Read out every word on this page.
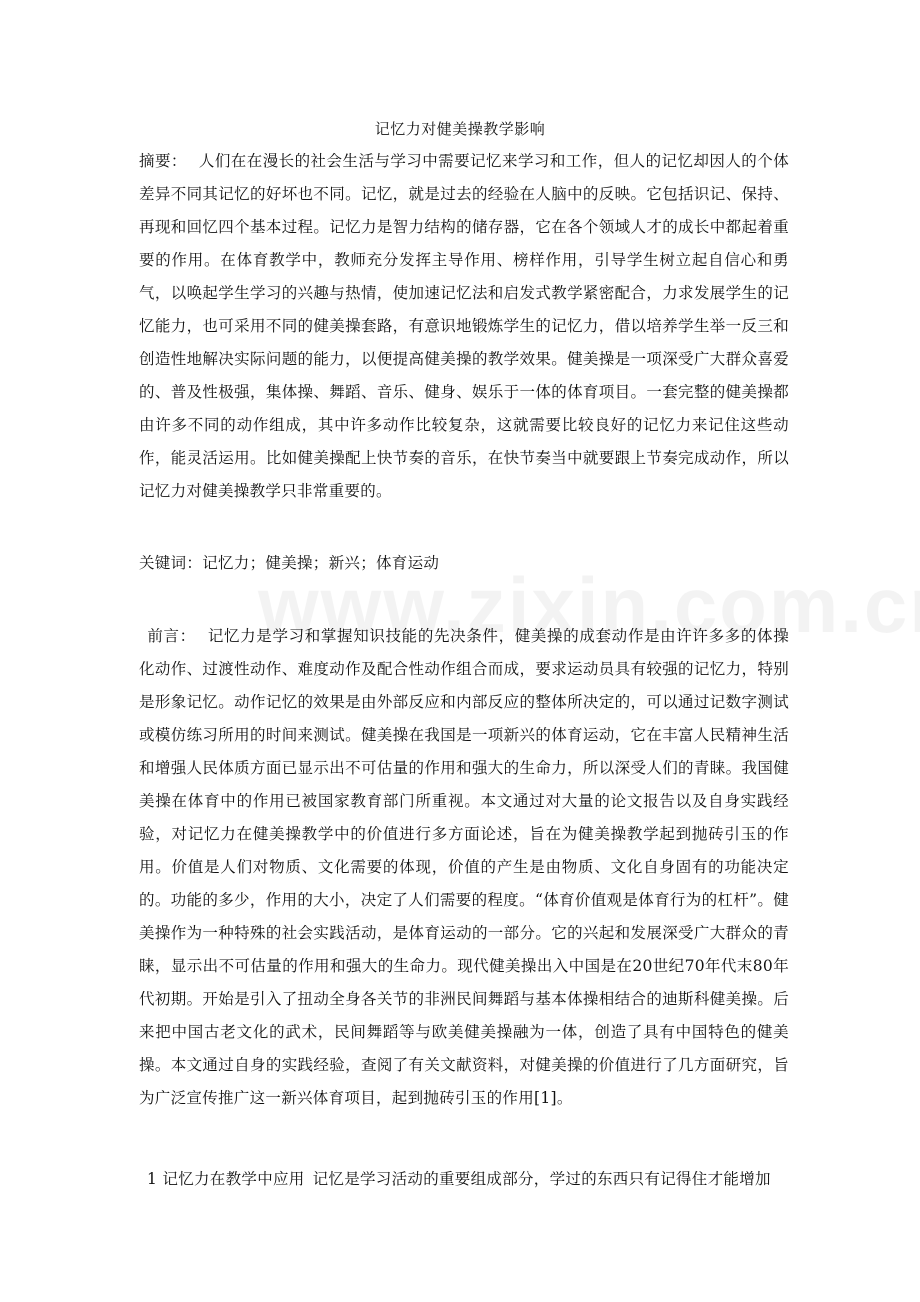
记忆力对健美操教学影响
摘要： 人们在在漫长的社会生活与学习中需要记忆来学习和工作，但人的记忆却因人的个体差异不同其记忆的好坏也不同。记忆，就是过去的经验在人脑中的反映。它包括识记、保持、再现和回忆四个基本过程。记忆力是智力结构的储存器，它在各个领域人才的成长中都起着重要的作用。在体育教学中，教师充分发挥主导作用、榜样作用，引导学生树立起自信心和勇气，以唤起学生学习的兴趣与热情，使加速记忆法和启发式教学紧密配合，力求发展学生的记忆能力，也可采用不同的健美操套路，有意识地锻炼学生的记忆力，借以培养学生举一反三和创造性地解决实际问题的能力，以便提高健美操的教学效果。健美操是一项深受广大群众喜爱的、普及性极强，集体操、舞蹈、音乐、健身、娱乐于一体的体育项目。一套完整的健美操都由许多不同的动作组成，其中许多动作比较复杂，这就需要比较良好的记忆力来记住这些动作，能灵活运用。比如健美操配上快节奏的音乐，在快节奏当中就要跟上节奏完成动作，所以记忆力对健美操教学只非常重要的。
关键词：记忆力；健美操；新兴；体育运动
前言： 记忆力是学习和掌握知识技能的先决条件，健美操的成套动作是由许许多多的体操化动作、过渡性动作、难度动作及配合性动作组合而成，要求运动员具有较强的记忆力，特别是形象记忆。动作记忆的效果是由外部反应和内部反应的整体所决定的，可以通过记数字测试或模仿练习所用的时间来测试。健美操在我国是一项新兴的体育运动，它在丰富人民精神生活和增强人民体质方面已显示出不可估量的作用和强大的生命力，所以深受人们的青睐。我国健美操在体育中的作用已被国家教育部门所重视。本文通过对大量的论文报告以及自身实践经验，对记忆力在健美操教学中的价值进行多方面论述，旨在为健美操教学起到抛砖引玉的作用。价值是人们对物质、文化需要的体现，价值的产生是由物质、文化自身固有的功能决定的。功能的多少，作用的大小，决定了人们需要的程度。“体育价值观是体育行为的杠杆”。健美操作为一种特殊的社会实践活动，是体育运动的一部分。它的兴起和发展深受广大群众的青睐，显示出不可估量的作用和强大的生命力。现代健美操出入中国是在20世纪70年代末80年代初期。开始是引入了扭动全身各关节的非洲民间舞蹈与基本体操相结合的迪斯科健美操。后来把中国古老文化的武术，民间舞蹈等与欧美健美操融为一体，创造了具有中国特色的健美操。本文通过自身的实践经验，查阅了有关文献资料，对健美操的价值进行了几方面研究，旨为广泛宣传推广这一新兴体育项目，起到抛砖引玉的作用[1]。
1 记忆力在教学中应用 记忆是学习活动的重要组成部分，学过的东西只有记得住才能增加
